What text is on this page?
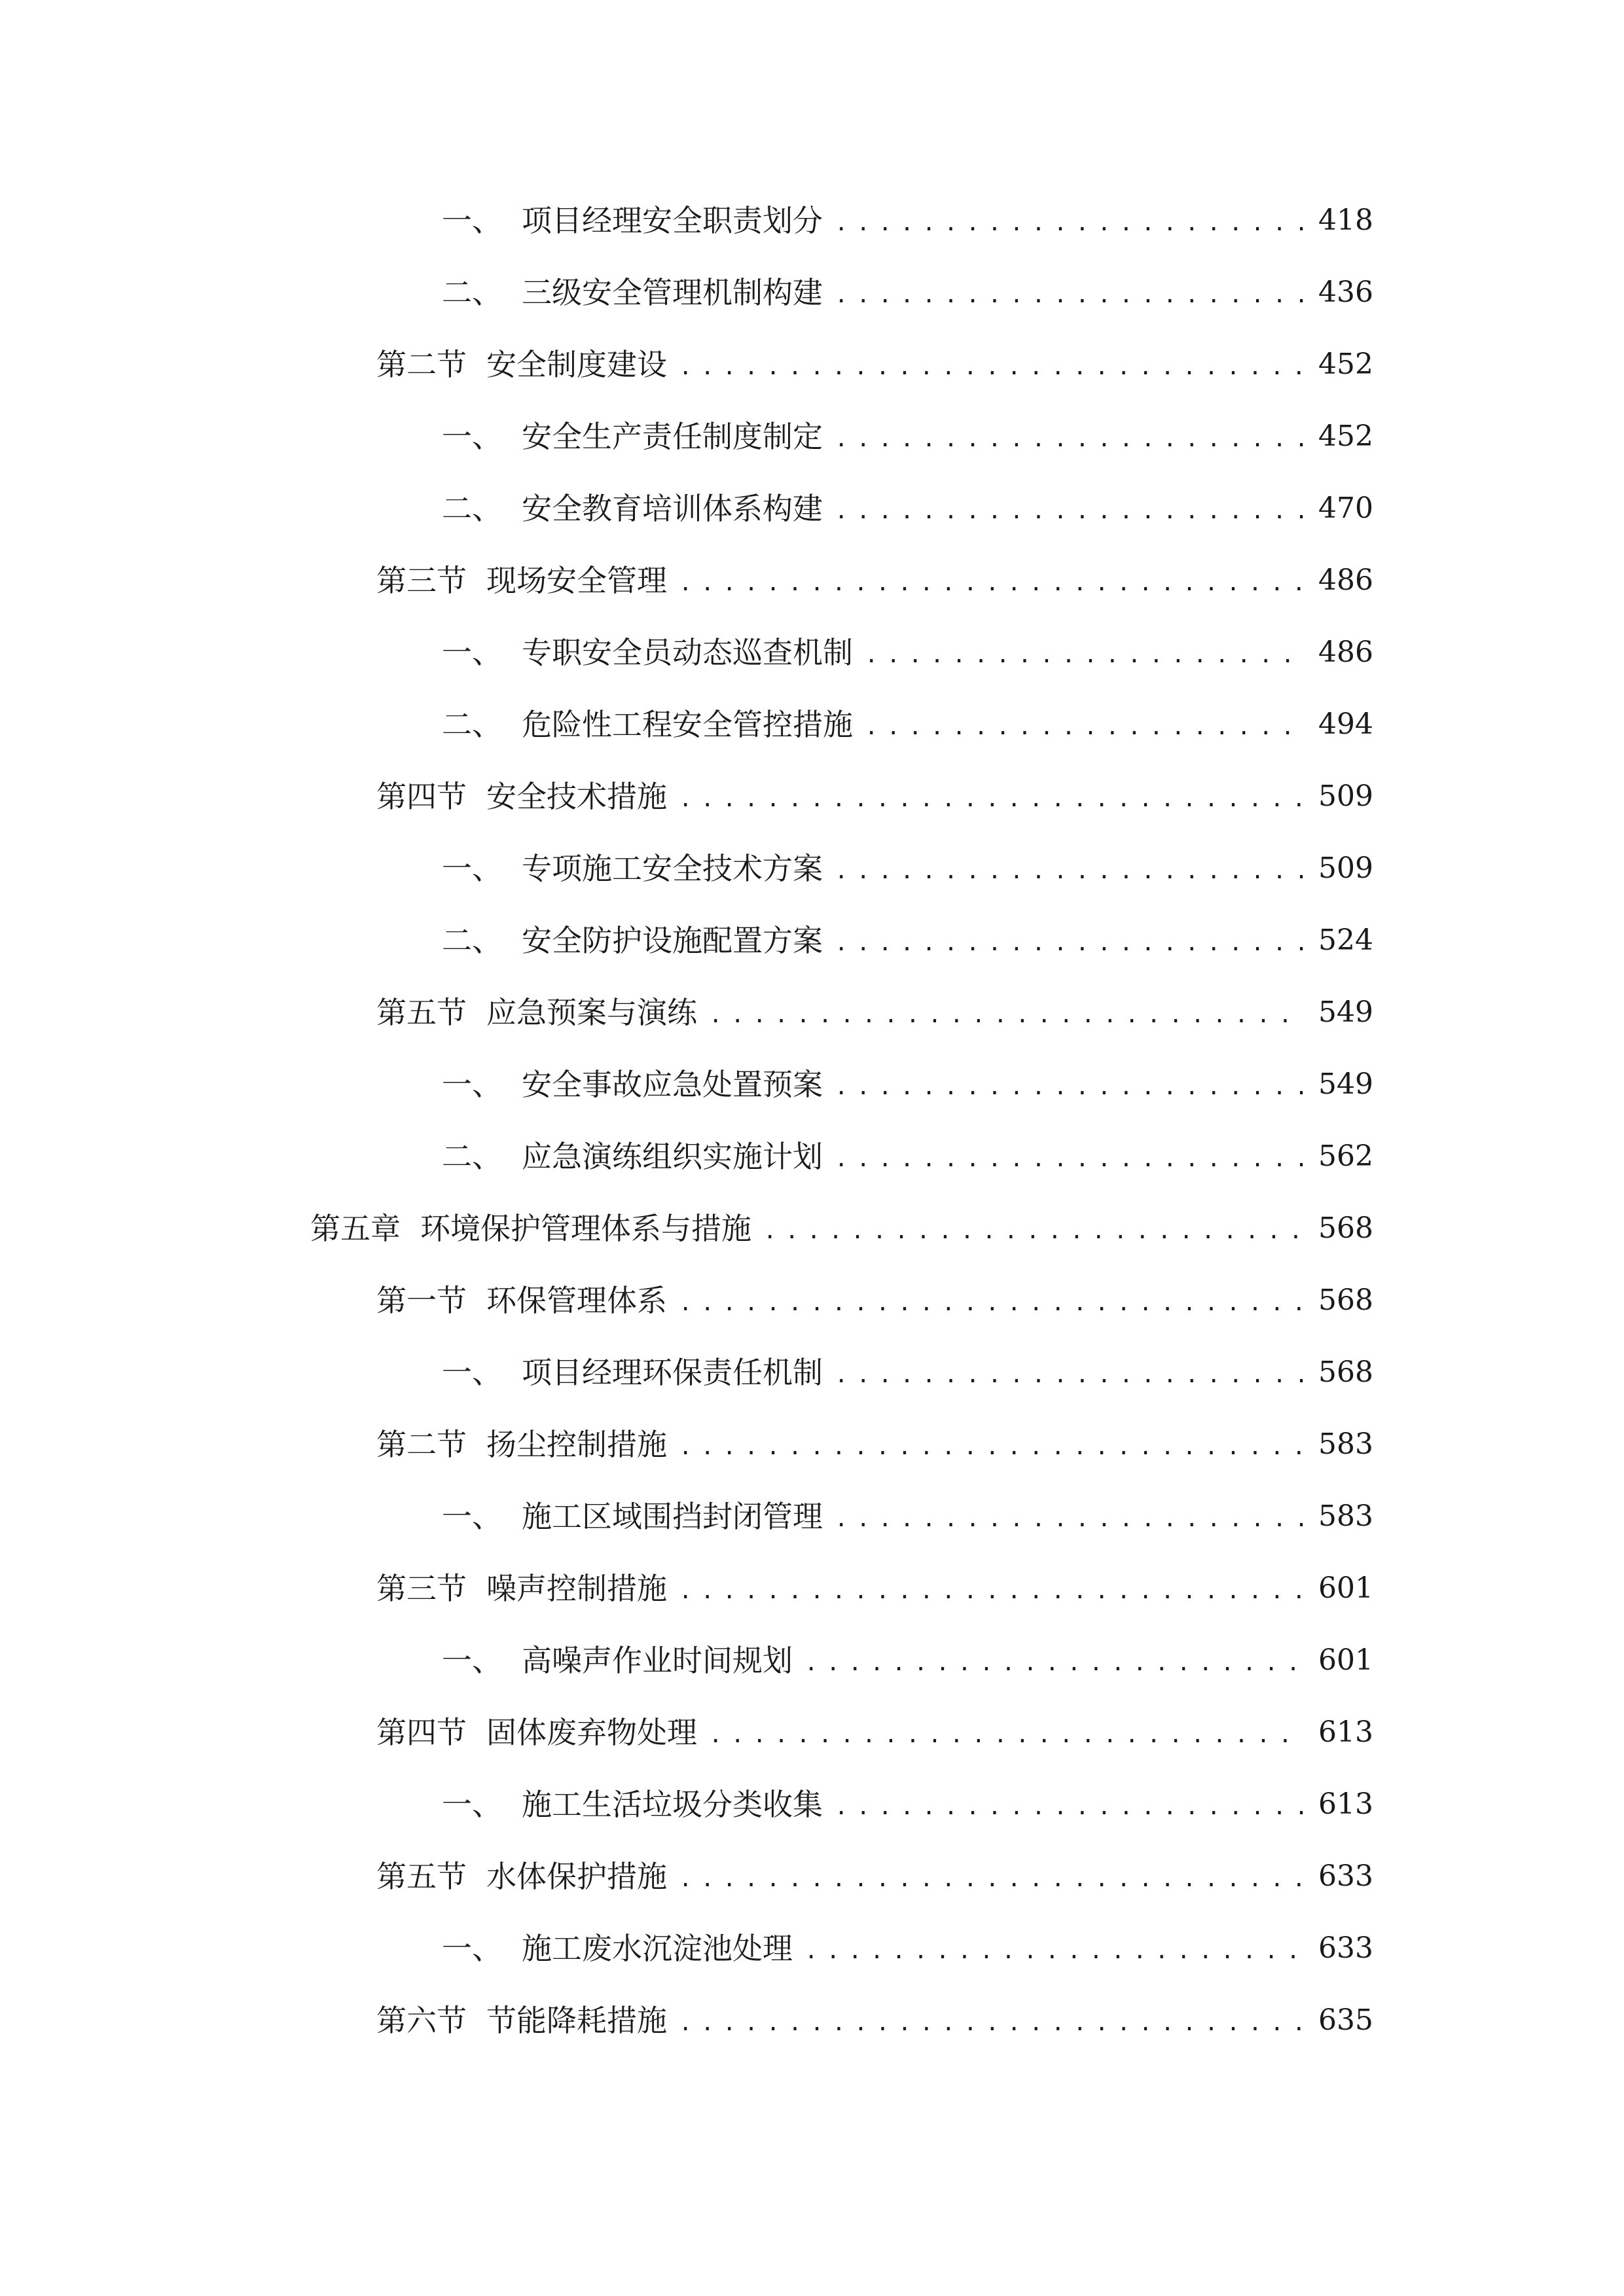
一、 项目经理安全职责划分 .....	418
二、 三级安全管理机制构建 .....	436
第二节 安全制度建设 .....	452
一、 安全生产责任制度制定 .....	452
二、 安全教育培训体系构建 .....	470
第三节 现场安全管理 .....	486
一、 专职安全员动态巡查机制 .....	486
二、 危险性工程安全管控措施 .....	494
第四节 安全技术措施 .....	509
一、 专项施工安全技术方案 .....	509
二、 安全防护设施配置方案 .....	524
第五节 应急预案与演练 .....	549
一、 安全事故应急处置预案 .....	549
二、 应急演练组织实施计划 .....	562
第五章 环境保护管理体系与措施 .....	568
第一节 环保管理体系 .....	568
一、 项目经理环保责任机制 .....	568
第二节 扬尘控制措施 .....	583
一、 施工区域围挡封闭管理 .....	583
第三节 噪声控制措施 .....	601
一、 高噪声作业时间规划 .....	601
第四节 固体废弃物处理 .....	613
一、 施工生活垃圾分类收集 .....	613
第五节 水体保护措施 .....	633
一、 施工废水沉淀池处理 .....	633
第六节 节能降耗措施 .....	635
